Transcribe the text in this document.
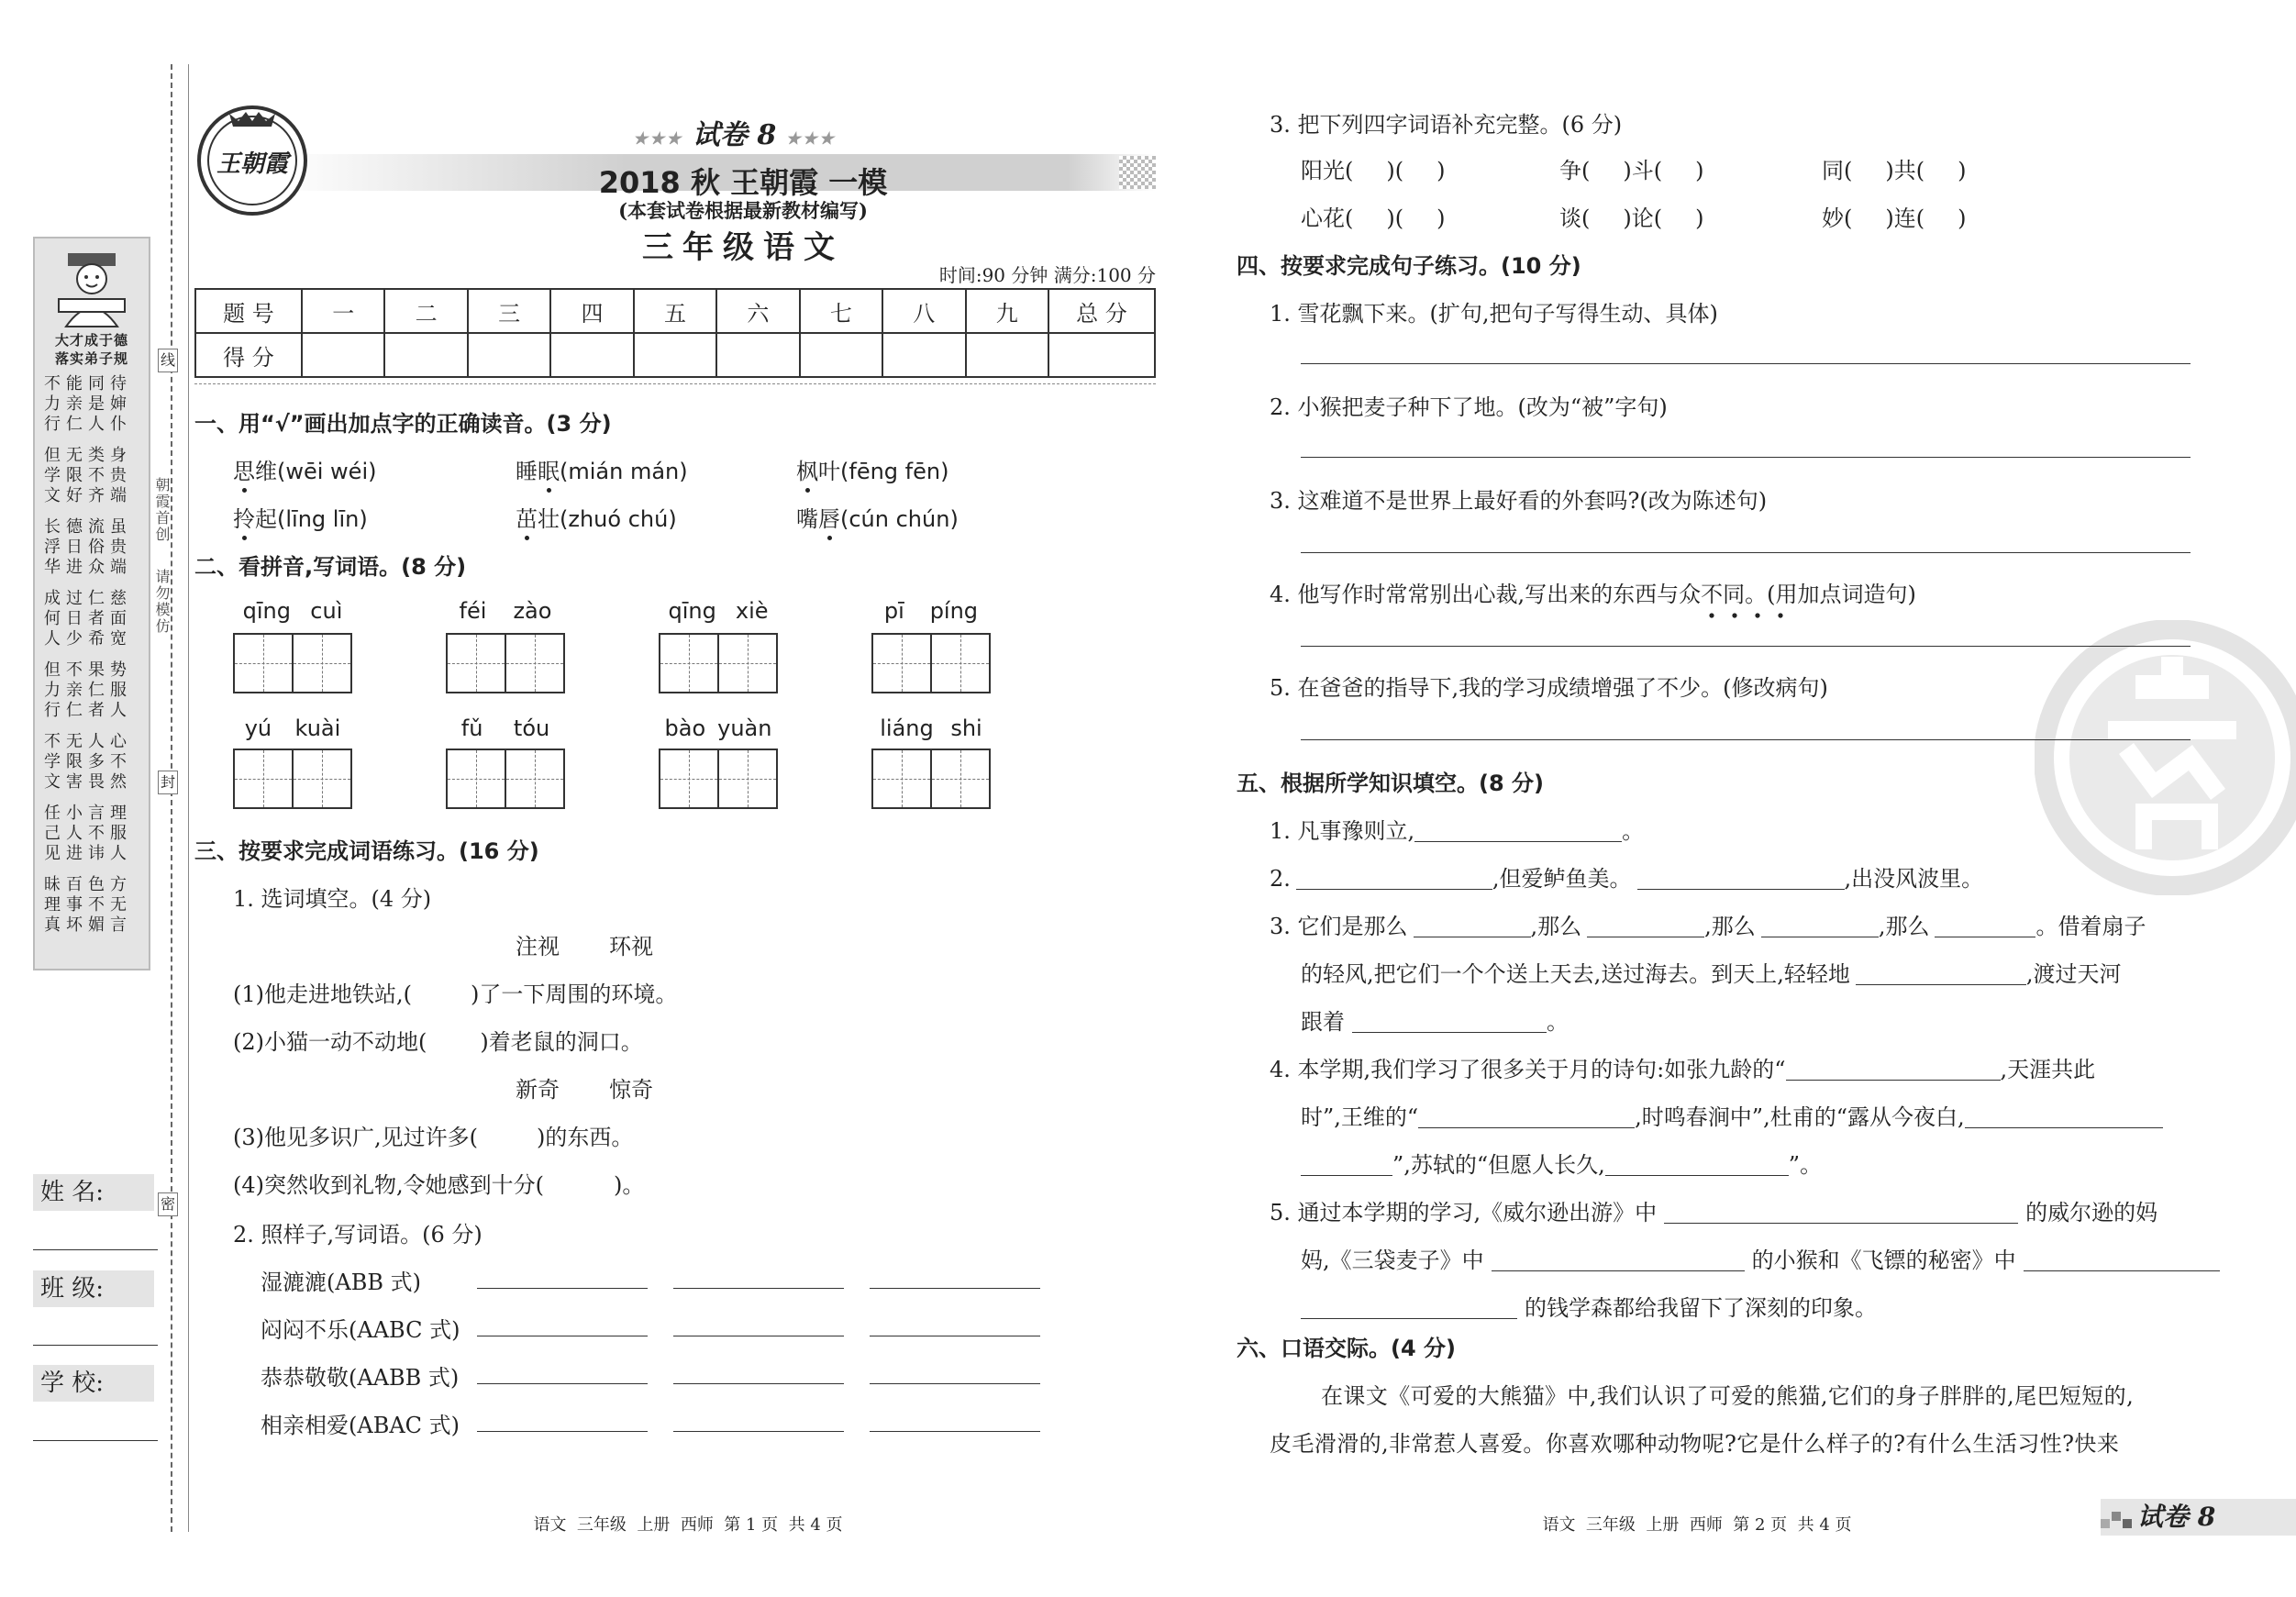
大才成于德
落实弟子规
不能同待
力亲是婶
行仁人仆
但无类身
学限不贵
文好齐端
长德流虽
浮日俗贵
华进众端
成过仁慈
何日者面
人少希宽
但不果势
力亲仁服
行仁者人
不无人心
学限多不
文害畏然
任小言理
己人不服
见进讳人
昧百色方
理事不无
真坏媚言
朝霞首创
请勿模仿
线
封
密
姓 名:
班 级:
学 校:
王朝霞
★★★ 试卷 8 ★★★
2018 秋 王朝霞 一模
(本套试卷根据最新教材编写)
三年级语文
时间:90 分钟 满分:100 分
题 号	一	二	三	四	五	六	七	八	九	总 分
得 分										
一、用“√”画出加点字的正确读音。(3 分)
思维(wēi wéi)	睡眠(mián mán)	枫叶(fēng fēn)
拎起(līng līn)	茁壮(zhuó chú)	嘴唇(cún chún)
二、看拼音,写词语。(8 分)
qīng cuì	féi zào	qīng xiè	pī píng
yú kuài	fǔ tóu	bào yuàn	liáng shi
三、按要求完成词语练习。(16 分)
1. 选词填空。(4 分)
注视 环视
(1)他走进地铁站,(	)了一下周围的环境。
(2)小猫一动不动地( )着老鼠的洞口。
新奇 惊奇
(3)他见多识广,见过许多(	)的东西。
(4)突然收到礼物,令她感到十分(	)。
2. 照样子,写词语。(6 分)
湿漉漉(ABB 式)
闷闷不乐(AABC 式)
恭恭敬敬(AABB 式)
相亲相爱(ABAC 式)
语文  三年级  上册  西师  第 1 页  共 4 页
3. 把下列四字词语补充完整。(6 分)
阳光( )( )	争( )斗( )	同( )共( )
心花( )( )	谈( )论( )	妙( )连( )
四、按要求完成句子练习。(10 分)
1. 雪花飘下来。(扩句,把句子写得生动、具体)
2. 小猴把麦子种下了地。(改为“被”字句)
3. 这难道不是世界上最好看的外套吗?(改为陈述句)
4. 他写作时常常别出心裁,写出来的东西与众不同。(用加点词造句)
5. 在爸爸的指导下,我的学习成绩增强了不少。(修改病句)
五、根据所学知识填空。(8 分)
1. 凡事豫则立,	。
2.	,但爱鲈鱼美。	,出没风波里。
3. 它们是那么	,那么	,那么	,那么	。借着扇子
的轻风,把它们一个个送上天去,送过海去。到天上,轻轻地	,渡过天河
跟着	。
4. 本学期,我们学习了很多关于月的诗句:如张九龄的“	,天涯共此
时”,王维的“	,时鸣春涧中”,杜甫的“露从今夜白,
”,苏轼的“但愿人长久,	”。
5. 通过本学期的学习,《威尔逊出游》中	的威尔逊的妈
妈,《三袋麦子》中	的小猴和《飞镖的秘密》中
的钱学森都给我留下了深刻的印象。
六、口语交际。(4 分)
在课文《可爱的大熊猫》中,我们认识了可爱的熊猫,它们的身子胖胖的,尾巴短短的,
皮毛滑滑的,非常惹人喜爱。你喜欢哪种动物呢?它是什么样子的?有什么生活习性?快来
语文  三年级  上册  西师  第 2 页  共 4 页	试卷 8
